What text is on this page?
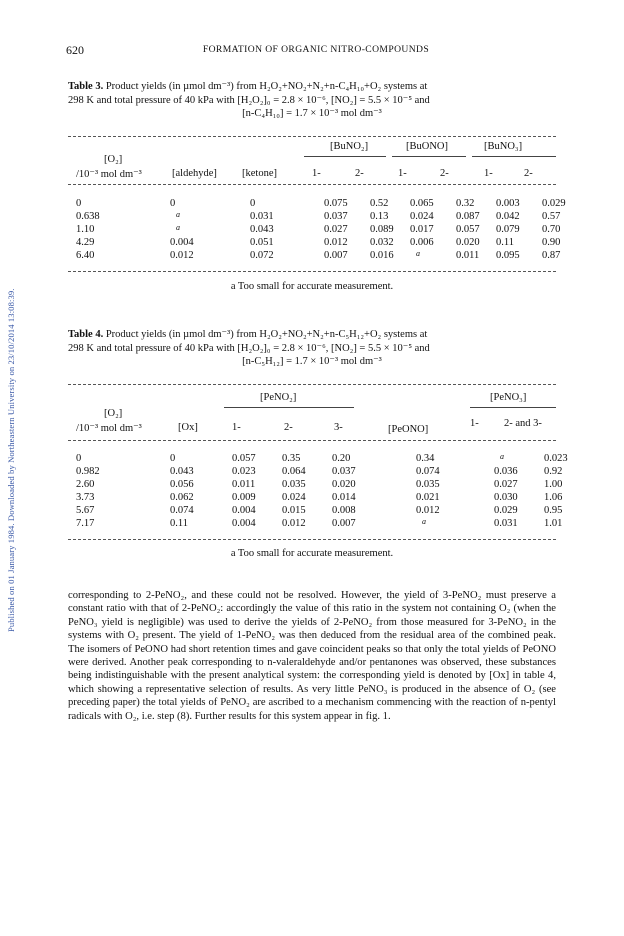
Published on 01 January 1984. Downloaded by Northeastern University on 23/10/2014 13:08:39.
620	FORMATION OF ORGANIC NITRO-COMPOUNDS
Table 3. Product yields (in µmol dm⁻³) from H₂O₂+NO₂+N₂+n-C₄H₁₀+O₂ systems at
298 K and total pressure of 40 kPa with [H₂O₂]₀ = 2.8 × 10⁻⁶, [NO₂] = 5.5 × 10⁻⁵ and
[n-C₄H₁₀] = 1.7 × 10⁻³ mol dm⁻³
[BuNO₂]	[BuONO]	[BuNO₃]
[O₂]
/10⁻³ mol dm⁻³	[aldehyde] [ketone]	1-	2-	1-	2-	1-	2-
0	0	0	0.075	0.52	0.065	0.32	0.003	0.029
0.638	a	0.031	0.037	0.13	0.024	0.087	0.042	0.57
1.10	a	0.043	0.027	0.089	0.017	0.057	0.079	0.70
4.29	0.004	0.051	0.012	0.032	0.006	0.020	0.11	0.90
6.40	0.012	0.072	0.007	0.016	a	0.011	0.095	0.87
a Too small for accurate measurement.
Table 4. Product yields (in µmol dm⁻³) from H₂O₂+NO₂+N₂+n-C₅H₁₂+O₂ systems at
298 K and total pressure of 40 kPa with [H₂O₂]₀ = 2.8 × 10⁻⁶, [NO₂] = 5.5 × 10⁻⁵ and
[n-C₅H₁₂] = 1.7 × 10⁻³ mol dm⁻³
[PeNO₂]	[PeNO₃]
[O₂]
/10⁻³ mol dm⁻³	[Ox]	1-	2-	3-	[PeONO]
1- 2- and 3-
0	0	0.057	0.35	0.20	0.34	a	0.023
0.982	0.043	0.023	0.064	0.037	0.074	0.036	0.92
2.60	0.056	0.011	0.035	0.020	0.035	0.027	1.00
3.73	0.062	0.009	0.024	0.014	0.021	0.030	1.06
5.67	0.074	0.004	0.015	0.008	0.012	0.029	0.95
7.17	0.11	0.004	0.012	0.007	a	0.031	1.01
a Too small for accurate measurement.
corresponding to 2-PeNO₂, and these could not be resolved. However, the yield of 3-PeNO₂ must preserve a constant ratio with that of 2-PeNO₂: accordingly the value of this ratio in the system not containing O₂ (when the PeNO₃ yield is negligible) was used to derive the yields of 2-PeNO₂ from those measured for 3-PeNO₂ in the systems with O₂ present. The yield of 1-PeNO₂ was then deduced from the residual area of the combined peak. The isomers of PeONO had short retention times and gave coincident peaks so that only the total yields of PeONO were derived. Another peak corresponding to n-valeraldehyde and/or pentanones was observed, these substances being indistinguishable with the present analytical system: the corresponding yield is denoted by [Ox] in table 4, which showing a representative selection of results. As very little PeNO₃ is produced in the absence of O₂ (see preceding paper) the total yields of PeNO₂ are ascribed to a mechanism commencing with the reaction of n-pentyl radicals with O₂, i.e. step (8). Further results for this system appear in fig. 1.
